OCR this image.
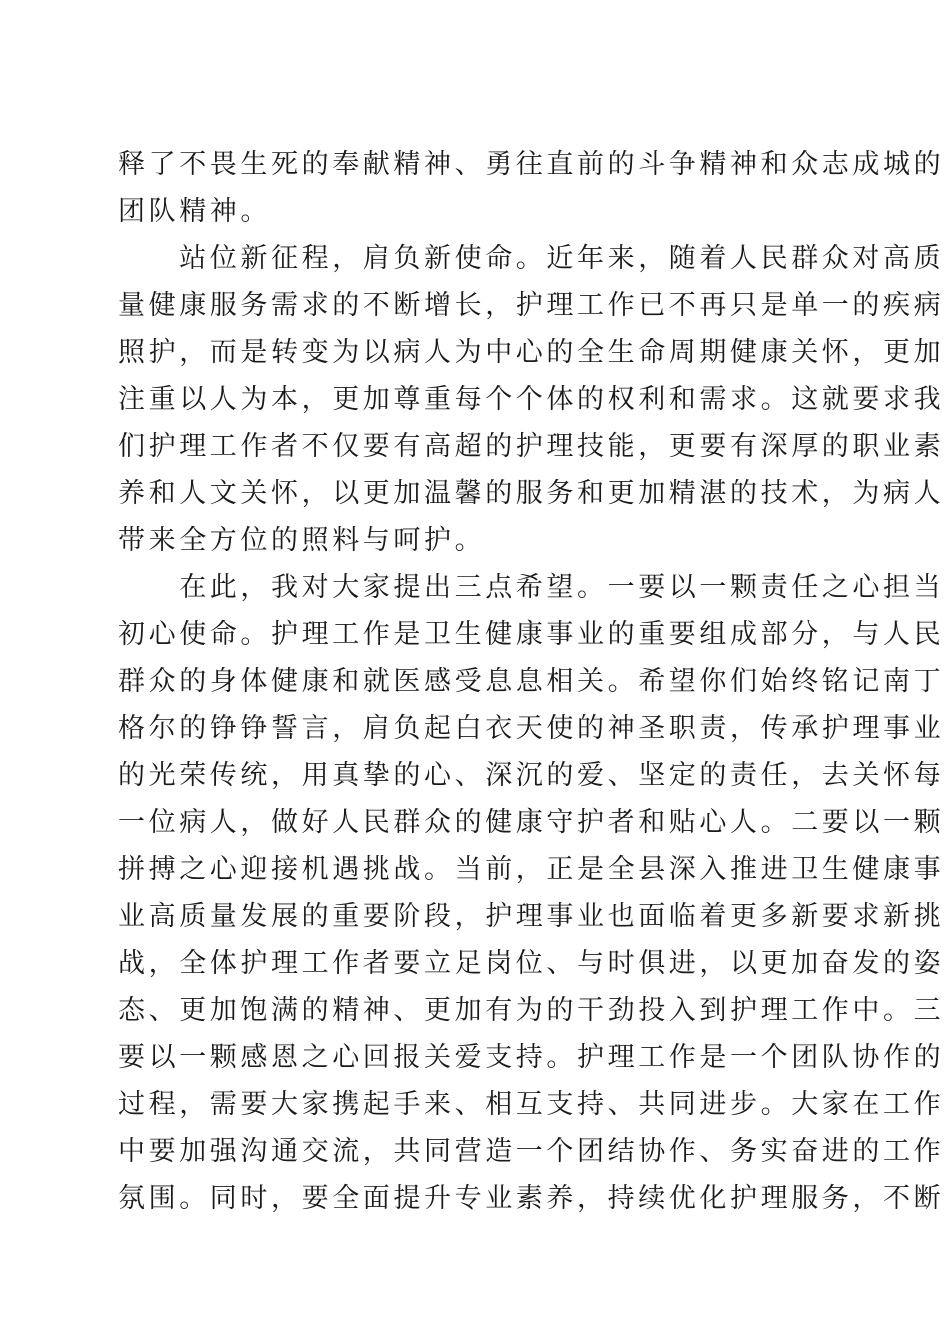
释了不畏生死的奉献精神、勇往直前的斗争精神和众志成城的
团队精神。
　　站位新征程，肩负新使命。近年来，随着人民群众对高质
量健康服务需求的不断增长，护理工作已不再只是单一的疾病
照护，而是转变为以病人为中心的全生命周期健康关怀，更加
注重以人为本，更加尊重每个个体的权利和需求。这就要求我
们护理工作者不仅要有高超的护理技能，更要有深厚的职业素
养和人文关怀，以更加温馨的服务和更加精湛的技术，为病人
带来全方位的照料与呵护。
　　在此，我对大家提出三点希望。一要以一颗责任之心担当
初心使命。护理工作是卫生健康事业的重要组成部分，与人民
群众的身体健康和就医感受息息相关。希望你们始终铭记南丁
格尔的铮铮誓言，肩负起白衣天使的神圣职责，传承护理事业
的光荣传统，用真挚的心、深沉的爱、坚定的责任，去关怀每
一位病人，做好人民群众的健康守护者和贴心人。二要以一颗
拼搏之心迎接机遇挑战。当前，正是全县深入推进卫生健康事
业高质量发展的重要阶段，护理事业也面临着更多新要求新挑
战，全体护理工作者要立足岗位、与时俱进，以更加奋发的姿
态、更加饱满的精神、更加有为的干劲投入到护理工作中。三
要以一颗感恩之心回报关爱支持。护理工作是一个团队协作的
过程，需要大家携起手来、相互支持、共同进步。大家在工作
中要加强沟通交流，共同营造一个团结协作、务实奋进的工作
氛围。同时，要全面提升专业素养，持续优化护理服务，不断
